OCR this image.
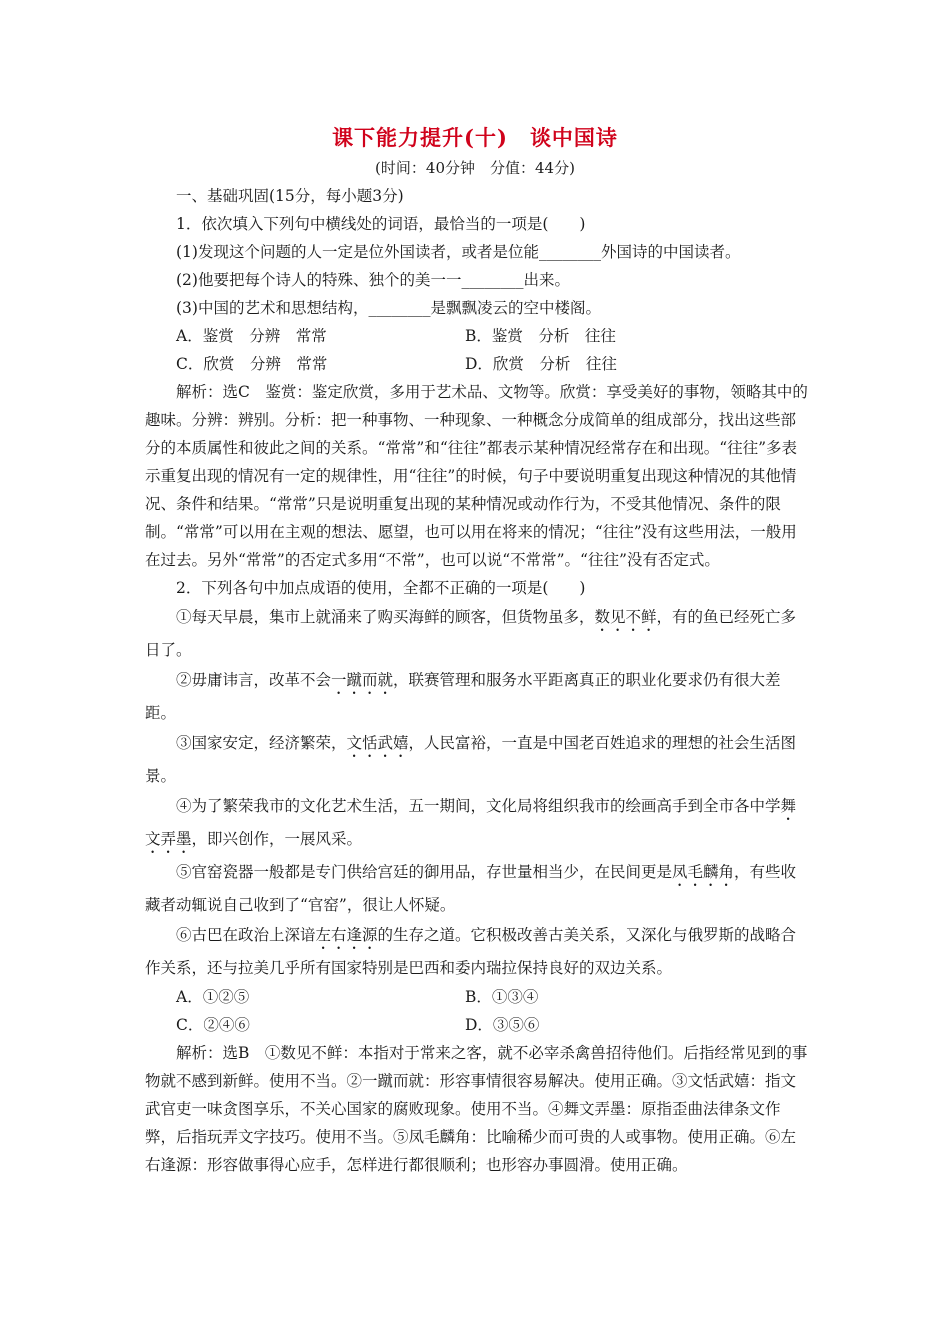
课下能力提升(十) 谈中国诗
(时间：40分钟　分值：44分)

一、基础巩固(15分，每小题3分)

1．依次填入下列句中横线处的词语，最恰当的一项是(　　)

(1)发现这个问题的人一定是位外国读者，或者是位能________外国诗的中国读者。

(2)他要把每个诗人的特殊、独个的美一一________出来。

(3)中国的艺术和思想结构，________是飘飘凌云的空中楼阁。

A．鉴赏　分辨　常常	B．鉴赏　分析　往往
C．欣赏　分辨　常常	D．欣赏　分析　往往

解析：选C　鉴赏：鉴定欣赏，多用于艺术品、文物等。欣赏：享受美好的事物，领略其中的趣味。分辨：辨别。分析：把一种事物、一种现象、一种概念分成简单的组成部分，找出这些部分的本质属性和彼此之间的关系。“常常”和“往往”都表示某种情况经常存在和出现。“往往”多表示重复出现的情况有一定的规律性，用“往往”的时候，句子中要说明重复出现这种情况的其他情况、条件和结果。“常常”只是说明重复出现的某种情况或动作行为，不受其他情况、条件的限制。“常常”可以用在主观的想法、愿望，也可以用在将来的情况；“往往”没有这些用法，一般用在过去。另外“常常”的否定式多用“不常”，也可以说“不常常”。“往往”没有否定式。

2．下列各句中加点成语的使用，全都不正确的一项是(　　)

①每天早晨，集市上就涌来了购买海鲜的顾客，但货物虽多，数见不鲜，有的鱼已经死亡多日了。

②毋庸讳言，改革不会一蹴而就，联赛管理和服务水平距离真正的职业化要求仍有很大差距。

③国家安定，经济繁荣，文恬武嬉，人民富裕，一直是中国老百姓追求的理想的社会生活图景。

④为了繁荣我市的文化艺术生活，五一期间，文化局将组织我市的绘画高手到全市各中学舞文弄墨，即兴创作，一展风采。

⑤官窑瓷器一般都是专门供给宫廷的御用品，存世量相当少，在民间更是凤毛麟角，有些收藏者动辄说自己收到了“官窑”，很让人怀疑。

⑥古巴在政治上深谙左右逢源的生存之道。它积极改善古美关系，又深化与俄罗斯的战略合作关系，还与拉美几乎所有国家特别是巴西和委内瑞拉保持良好的双边关系。

A．①②⑤	B．①③④
C．②④⑥	D．③⑤⑥

解析：选B　①数见不鲜：本指对于常来之客，就不必宰杀禽兽招待他们。后指经常见到的事物就不感到新鲜。使用不当。②一蹴而就：形容事情很容易解决。使用正确。③文恬武嬉：指文武官吏一味贪图享乐，不关心国家的腐败现象。使用不当。④舞文弄墨：原指歪曲法律条文作弊，后指玩弄文字技巧。使用不当。⑤凤毛麟角：比喻稀少而可贵的人或事物。使用正确。⑥左右逢源：形容做事得心应手，怎样进行都很顺利；也形容办事圆滑。使用正确。
